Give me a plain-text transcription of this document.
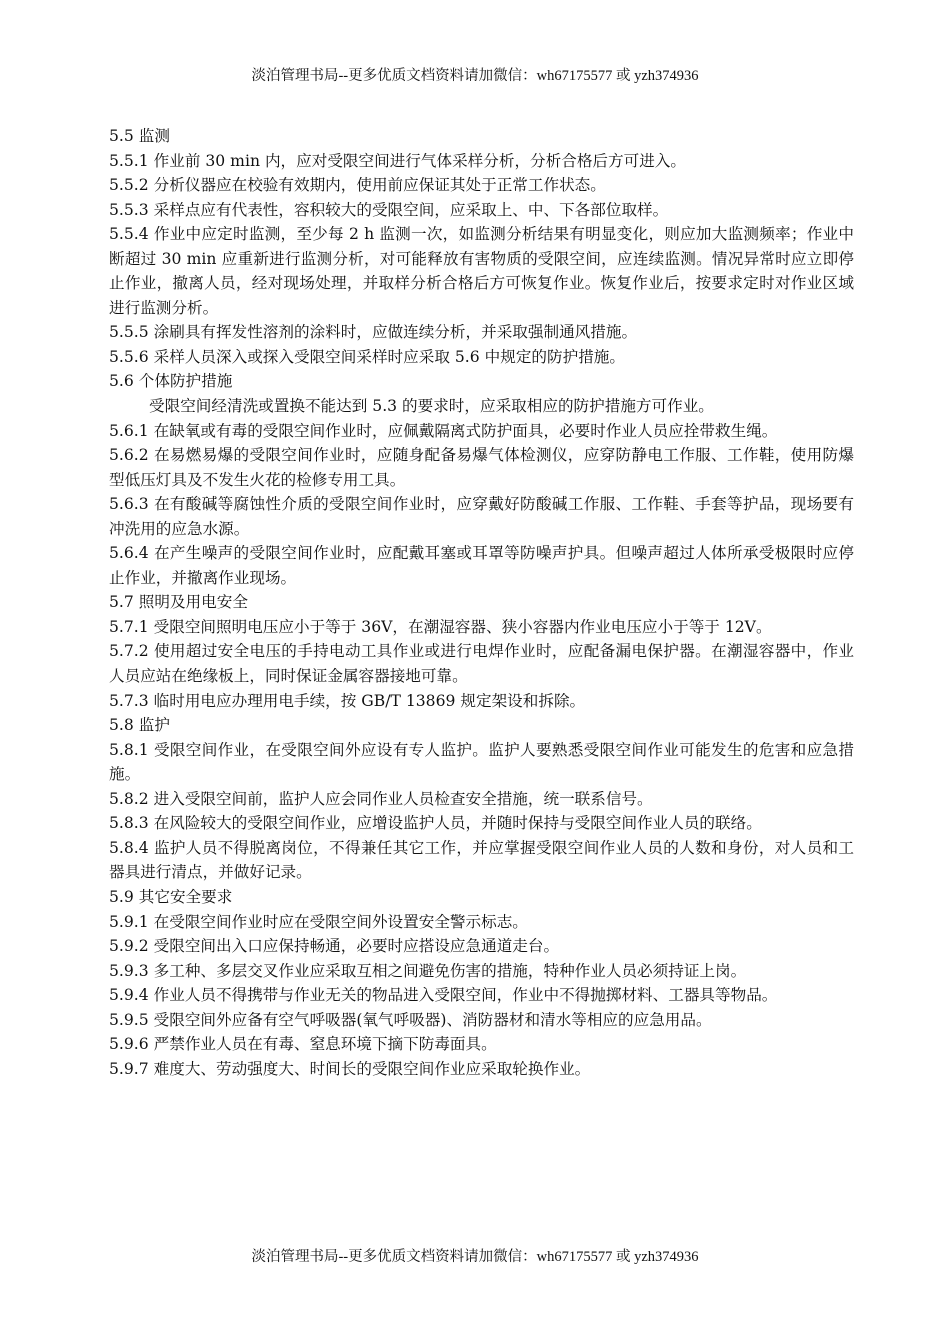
淡泊管理书局--更多优质文档资料请加微信：wh67175577 或 yzh374936

5.5 监测

5.5.1 作业前 30 min 内，应对受限空间进行气体采样分析，分析合格后方可进入。

5.5.2 分析仪器应在校验有效期内，使用前应保证其处于正常工作状态。

5.5.3 采样点应有代表性，容积较大的受限空间，应采取上、中、下各部位取样。

5.5.4 作业中应定时监测，至少每 2 h 监测一次，如监测分析结果有明显变化，则应加大监测频率；作业中断超过 30 min 应重新进行监测分析，对可能释放有害物质的受限空间，应连续监测。情况异常时应立即停止作业，撤离人员，经对现场处理，并取样分析合格后方可恢复作业。恢复作业后，按要求定时对作业区域进行监测分析。

5.5.5 涂刷具有挥发性溶剂的涂料时，应做连续分析，并采取强制通风措施。

5.5.6 采样人员深入或探入受限空间采样时应采取 5.6 中规定的防护措施。

5.6 个体防护措施

受限空间经清洗或置换不能达到 5.3 的要求时，应采取相应的防护措施方可作业。

5.6.1 在缺氧或有毒的受限空间作业时，应佩戴隔离式防护面具，必要时作业人员应拴带救生绳。

5.6.2 在易燃易爆的受限空间作业时，应随身配备易爆气体检测仪，应穿防静电工作服、工作鞋，使用防爆型低压灯具及不发生火花的检修专用工具。

5.6.3 在有酸碱等腐蚀性介质的受限空间作业时，应穿戴好防酸碱工作服、工作鞋、手套等护品，现场要有冲洗用的应急水源。

5.6.4 在产生噪声的受限空间作业时，应配戴耳塞或耳罩等防噪声护具。但噪声超过人体所承受极限时应停止作业，并撤离作业现场。

5.7 照明及用电安全

5.7.1 受限空间照明电压应小于等于 36V，在潮湿容器、狭小容器内作业电压应小于等于 12V。

5.7.2 使用超过安全电压的手持电动工具作业或进行电焊作业时，应配备漏电保护器。在潮湿容器中，作业人员应站在绝缘板上，同时保证金属容器接地可靠。

5.7.3 临时用电应办理用电手续，按 GB/T 13869 规定架设和拆除。

5.8 监护

5.8.1 受限空间作业，在受限空间外应设有专人监护。监护人要熟悉受限空间作业可能发生的危害和应急措施。

5.8.2 进入受限空间前，监护人应会同作业人员检查安全措施，统一联系信号。

5.8.3 在风险较大的受限空间作业，应增设监护人员，并随时保持与受限空间作业人员的联络。

5.8.4 监护人员不得脱离岗位，不得兼任其它工作，并应掌握受限空间作业人员的人数和身份，对人员和工器具进行清点，并做好记录。

5.9 其它安全要求

5.9.1 在受限空间作业时应在受限空间外设置安全警示标志。

5.9.2 受限空间出入口应保持畅通，必要时应搭设应急通道走台。

5.9.3 多工种、多层交叉作业应采取互相之间避免伤害的措施，特种作业人员必须持证上岗。

5.9.4 作业人员不得携带与作业无关的物品进入受限空间，作业中不得抛掷材料、工器具等物品。

5.9.5 受限空间外应备有空气呼吸器(氧气呼吸器)、消防器材和清水等相应的应急用品。

5.9.6 严禁作业人员在有毒、窒息环境下摘下防毒面具。

5.9.7 难度大、劳动强度大、时间长的受限空间作业应采取轮换作业。

淡泊管理书局--更多优质文档资料请加微信：wh67175577 或 yzh374936
